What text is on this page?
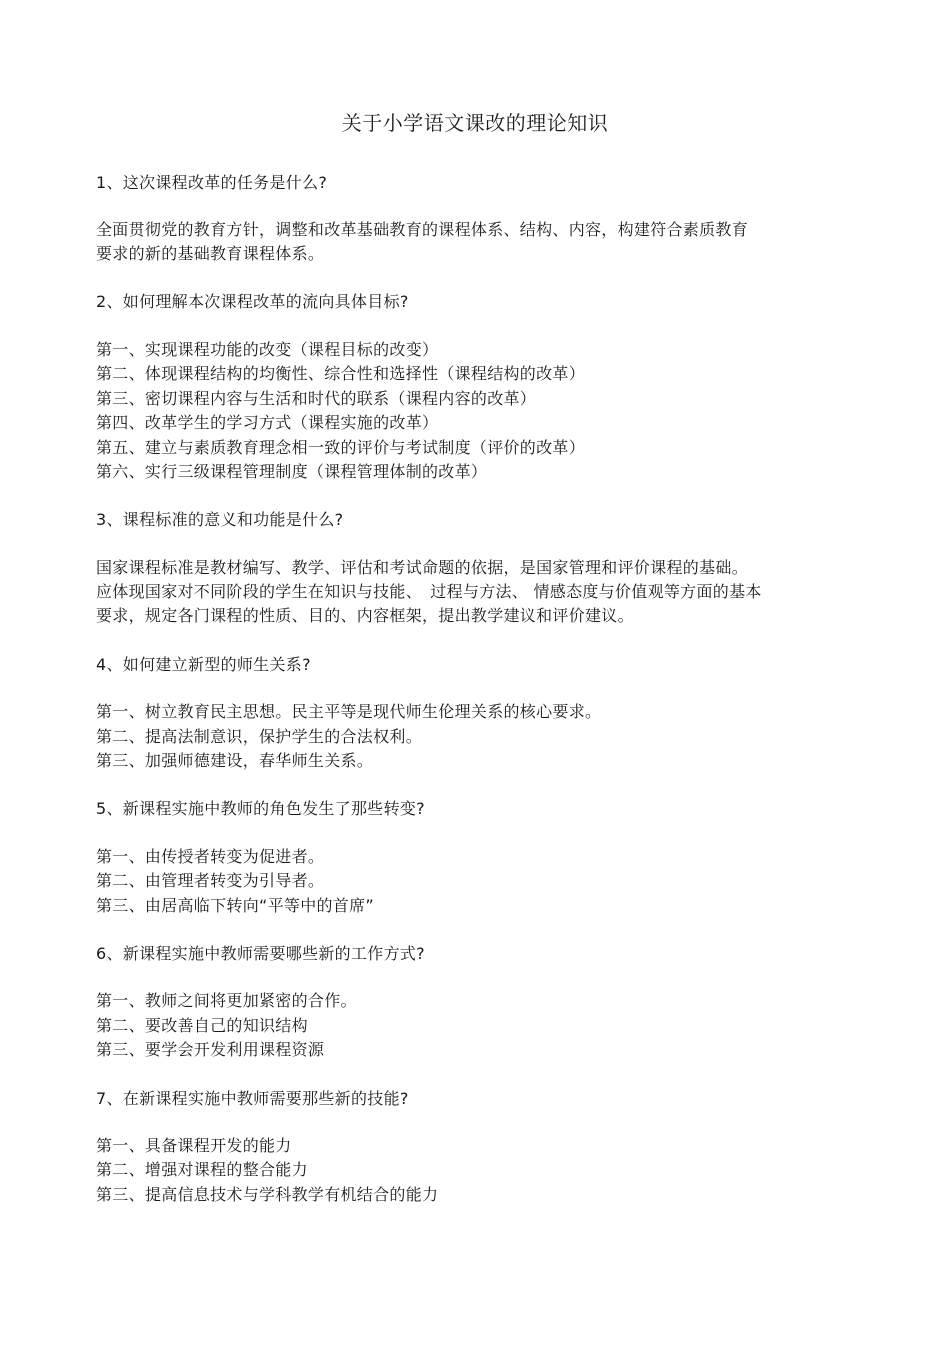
关于小学语文课改的理论知识
1、这次课程改革的任务是什么?
全面贯彻党的教育方针，调整和改革基础教育的课程体系、结构、内容，构建符合素质教育
要求的新的基础教育课程体系。
2、如何理解本次课程改革的流向具体目标?
第一、实现课程功能的改变（课程目标的改变）
第二、体现课程结构的均衡性、综合性和选择性（课程结构的改革）
第三、密切课程内容与生活和时代的联系（课程内容的改革）
第四、改革学生的学习方式（课程实施的改革）
第五、建立与素质教育理念相一致的评价与考试制度（评价的改革）
第六、实行三级课程管理制度（课程管理体制的改革）
3、课程标准的意义和功能是什么?
国家课程标准是教材编写、教学、评估和考试命题的依据，是国家管理和评价课程的基础。
应体现国家对不同阶段的学生在知识与技能、　过程与方法、 情感态度与价值观等方面的基本
要求，规定各门课程的性质、目的、内容框架，提出教学建议和评价建议。
4、如何建立新型的师生关系?
第一、树立教育民主思想。民主平等是现代师生伦理关系的核心要求。
第二、提高法制意识，保护学生的合法权利。
第三、加强师德建设，春华师生关系。
5、新课程实施中教师的角色发生了那些转变?
第一、由传授者转变为促进者。
第二、由管理者转变为引导者。
第三、由居高临下转向“平等中的首席”
6、新课程实施中教师需要哪些新的工作方式?
第一、教师之间将更加紧密的合作。
第二、要改善自己的知识结构
第三、要学会开发利用课程资源
7、在新课程实施中教师需要那些新的技能?
第一、具备课程开发的能力
第二、增强对课程的整合能力
第三、提高信息技术与学科教学有机结合的能力
